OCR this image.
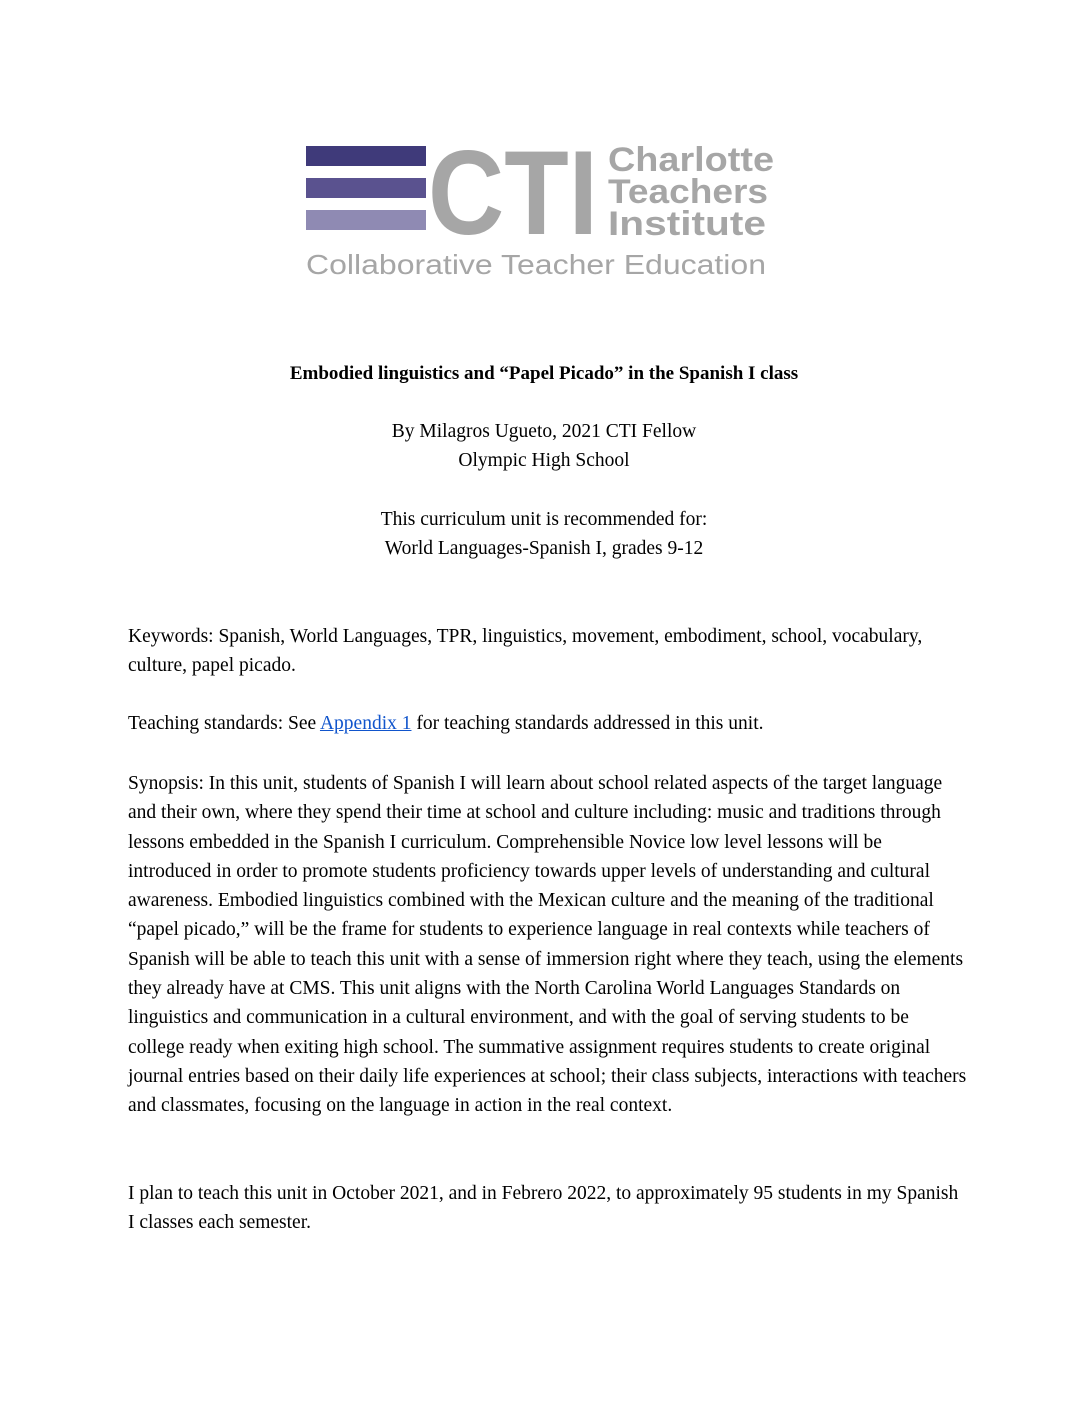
CTI Charlotte
Teachers
Institute
Collaborative Teacher Education
Embodied linguistics and “Papel Picado” in the Spanish I class
By Milagros Ugueto, 2021 CTI Fellow
Olympic High School
This curriculum unit is recommended for:
World Languages-Spanish I, grades 9-12

Keywords: Spanish, World Languages, TPR, linguistics, movement, embodiment, school, vocabulary, culture, papel picado.

Teaching standards: See Appendix 1 for teaching standards addressed in this unit.

Synopsis: In this unit, students of Spanish I will learn about school related aspects of the target language and their own, where they spend their time at school and culture including: music and traditions through lessons embedded in the Spanish I curriculum. Comprehensible Novice low level lessons will be introduced in order to promote students proficiency towards upper levels of understanding and cultural awareness. Embodied linguistics combined with the Mexican culture and the meaning of the traditional “papel picado,” will be the frame for students to experience language in real contexts while teachers of Spanish will be able to teach this unit with a sense of immersion right where they teach, using the elements they already have at CMS. This unit aligns with the North Carolina World Languages Standards on linguistics and communication in a cultural environment, and with the goal of serving students to be college ready when exiting high school. The summative assignment requires students to create original journal entries based on their daily life experiences at school; their class subjects, interactions with teachers and classmates, focusing on the language in action in the real context.

I plan to teach this unit in October 2021, and in Febrero 2022, to approximately 95 students in my Spanish I classes each semester.
